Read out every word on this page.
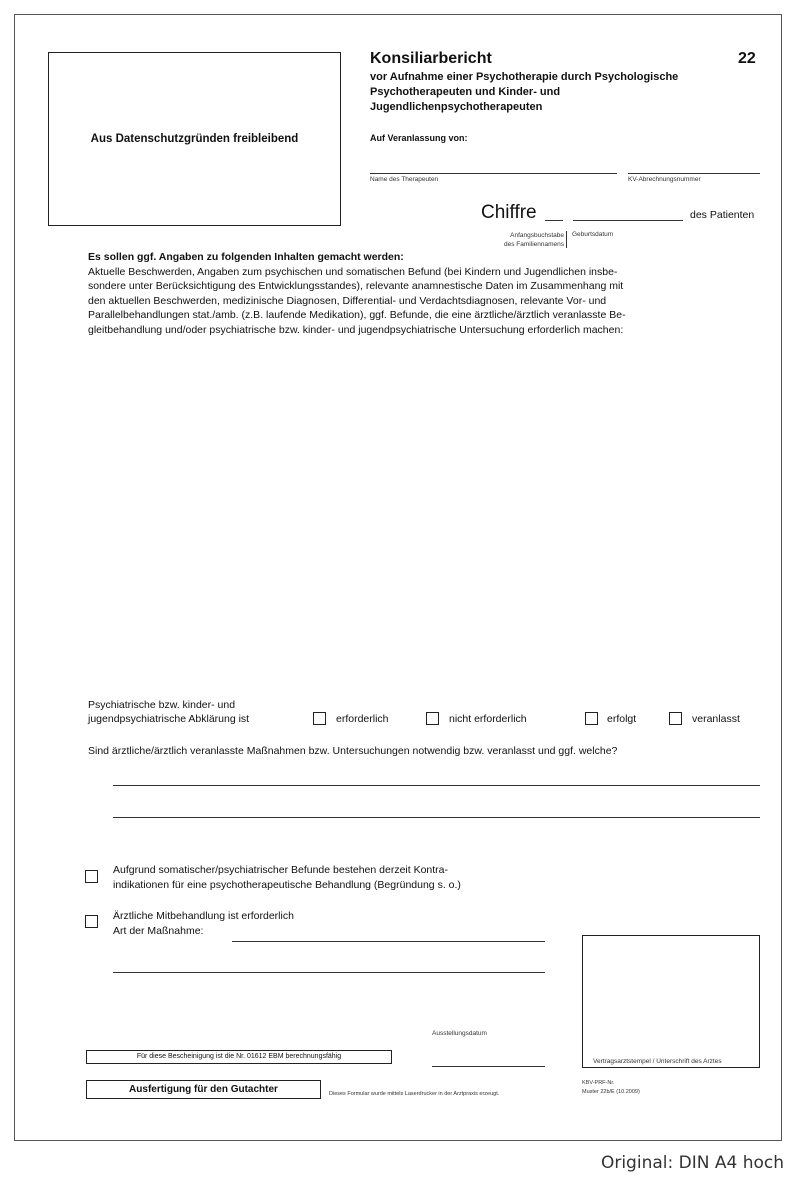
Aus Datenschutzgründen freibleibend
Konsiliarbericht	22
vor Aufnahme einer Psychotherapie durch Psychologische
Psychotherapeuten und Kinder- und
Jugendlichenpsychotherapeuten
Auf Veranlassung von:
Name des Therapeuten	KV-Abrechnungsnummer
Chiffre	des Patienten
Anfangsbuchstabe
des Familiennamens
Geburtsdatum
Es sollen ggf. Angaben zu folgenden Inhalten gemacht werden:
Aktuelle Beschwerden, Angaben zum psychischen und somatischen Befund (bei Kindern und Jugendlichen insbe-
sondere unter Berücksichtigung des Entwicklungsstandes), relevante anamnestische Daten im Zusammenhang mit
den aktuellen Beschwerden, medizinische Diagnosen, Differential- und Verdachtsdiagnosen, relevante Vor- und
Parallelbehandlungen stat./amb. (z.B. laufende Medikation), ggf. Befunde, die eine ärztliche/ärztlich veranlasste Be-
gleitbehandlung und/oder psychiatrische bzw. kinder- und jugendpsychiatrische Untersuchung erforderlich machen:
Psychiatrische bzw. kinder- und
jugendpsychiatrische Abklärung ist	erforderlich	nicht erforderlich	erfolgt	veranlasst
Sind ärztliche/ärztlich veranlasste Maßnahmen bzw. Untersuchungen notwendig bzw. veranlasst und ggf. welche?
Aufgrund somatischer/psychiatrischer Befunde bestehen derzeit Kontra-
indikationen für eine psychotherapeutische Behandlung (Begründung s. o.)
Ärztliche Mitbehandlung ist erforderlich
Art der Maßnahme:
Vertragsarztstempel / Unterschrift des Arztes
Ausstellungsdatum
Für diese Bescheinigung ist die Nr. 01612 EBM berechnungsfähig
Ausfertigung für den Gutachter	Dieses Formular wurde mittels Laserdrucker in der Arztpraxis erzeugt.
KBV-PRF-Nr.
Muster 22b/E (10.2009)
Original: DIN A4 hoch
